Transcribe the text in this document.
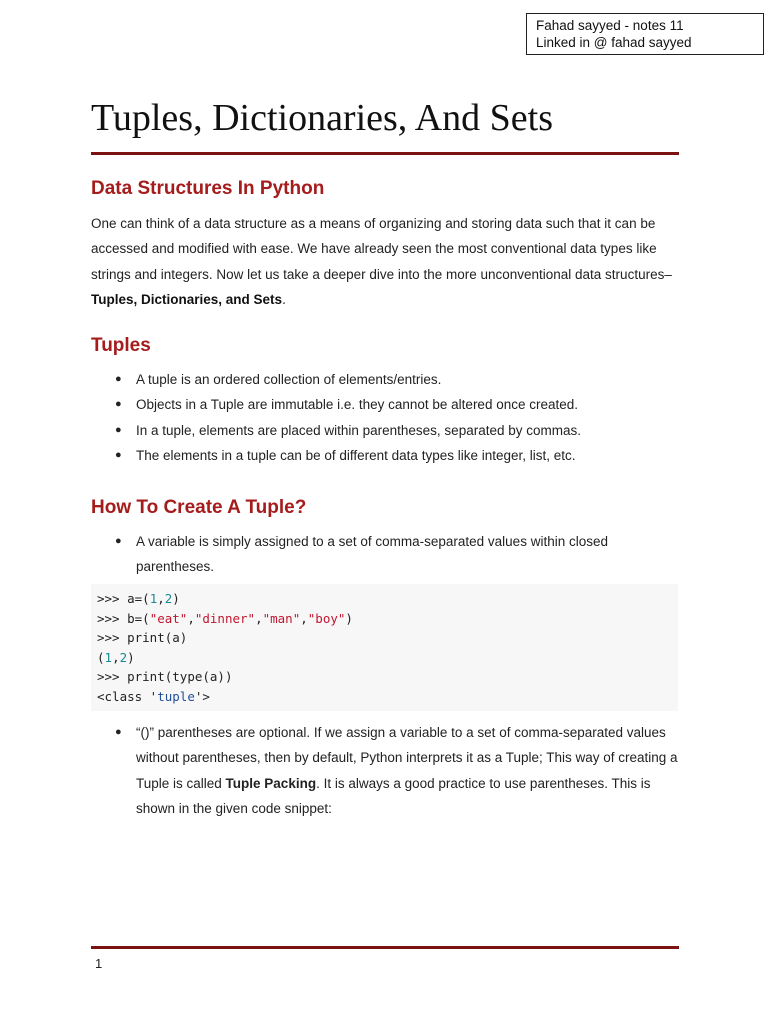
Fahad sayyed - notes 11
Linked in @ fahad sayyed
Tuples, Dictionaries, And Sets
Data Structures In Python

One can think of a data structure as a means of organizing and storing data such that it can be accessed and modified with ease. We have already seen the most conventional data types like strings and integers. Now let us take a deeper dive into the more unconventional data structures– Tuples, Dictionaries, and Sets.

Tuples
● A tuple is an ordered collection of elements/entries.
● Objects in a Tuple are immutable i.e. they cannot be altered once created.
● In a tuple, elements are placed within parentheses, separated by commas.
● The elements in a tuple can be of different data types like integer, list, etc.
How To Create A Tuple?
● A variable is simply assigned to a set of comma-separated values within closed parentheses.
>>> a=(1,2)
>>> b=("eat","dinner","man","boy")
>>> print(a)
(1,2)
>>> print(type(a))
<class 'tuple'>
● “()” parentheses are optional. If we assign a variable to a set of comma-separated values without parentheses, then by default, Python interprets it as a Tuple; This way of creating a Tuple is called Tuple Packing. It is always a good practice to use parentheses. This is shown in the given code snippet:
1
